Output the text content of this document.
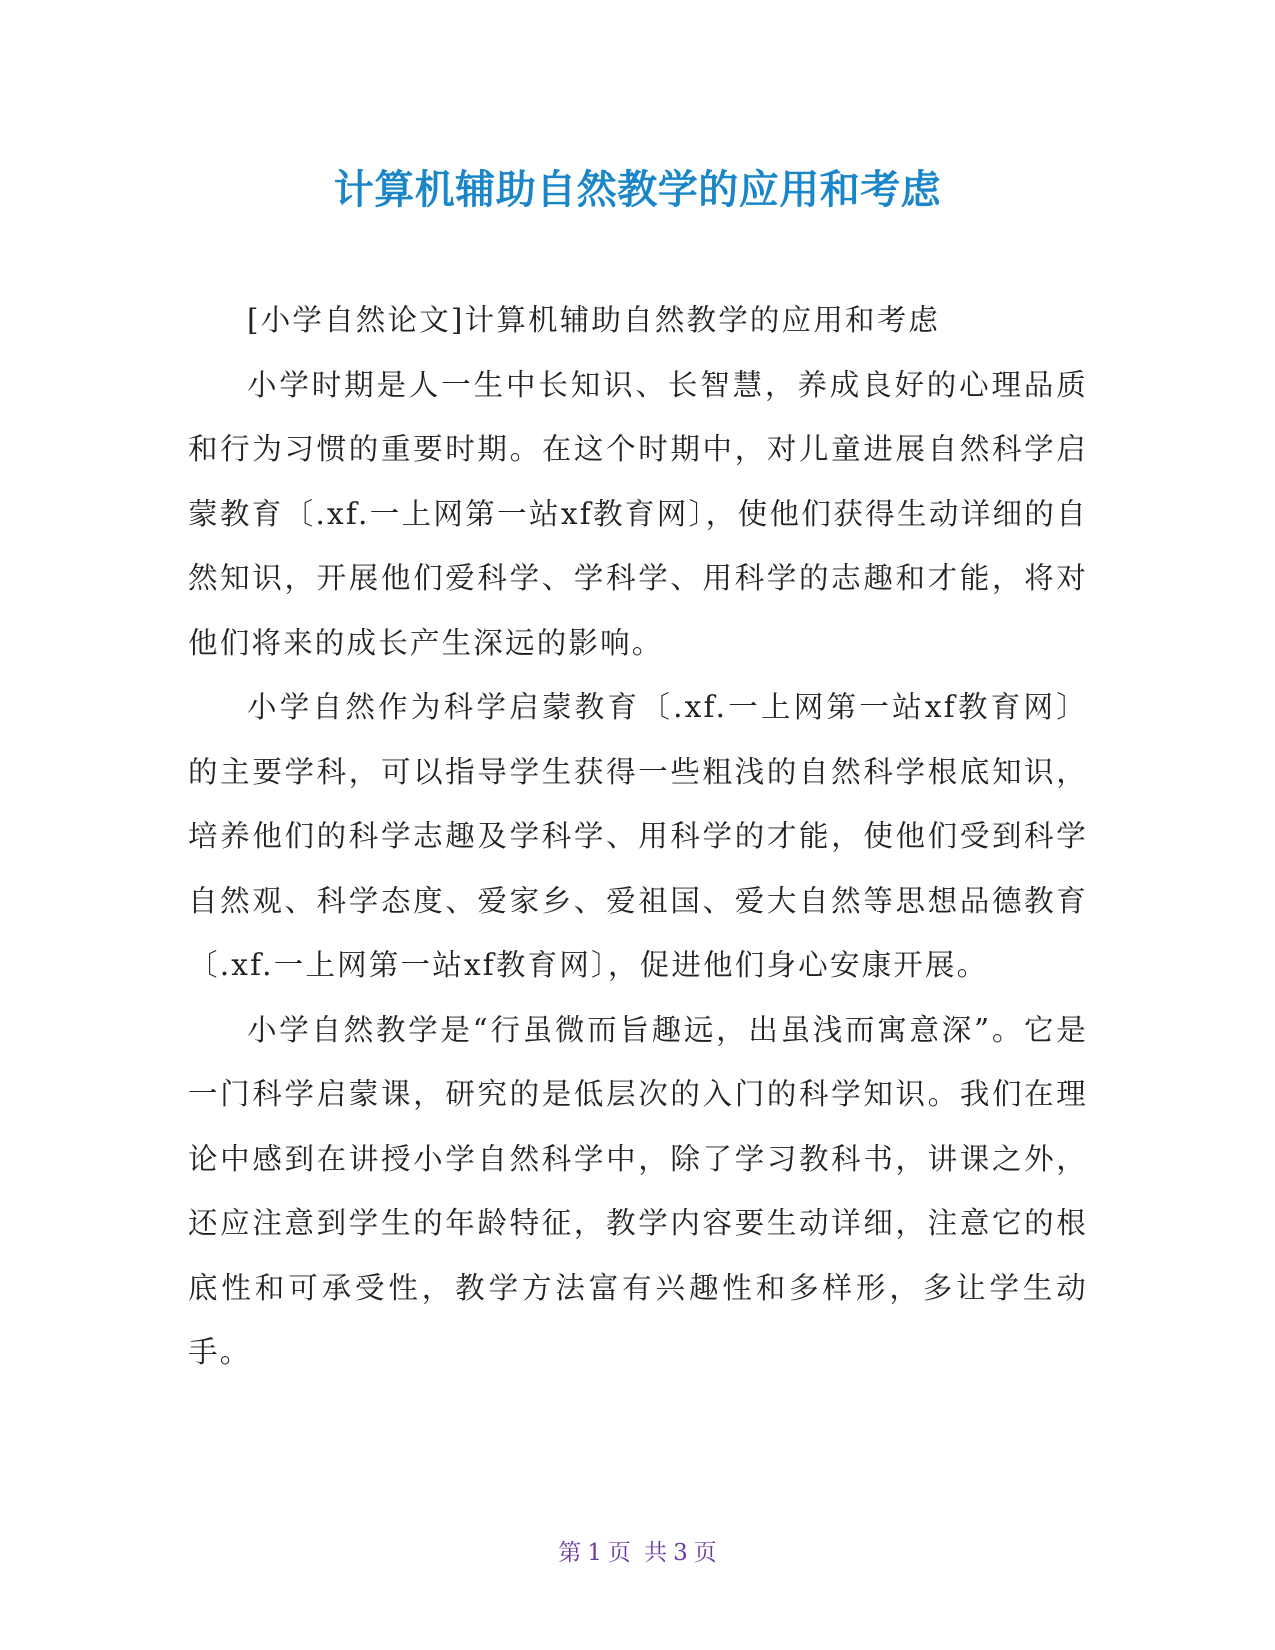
计算机辅助自然教学的应用和考虑

[小学自然论文]计算机辅助自然教学的应用和考虑

小学时期是人一生中长知识、长智慧，养成良好的心理品质和行为习惯的重要时期。在这个时期中，对儿童进展自然科学启蒙教育〔.xf.一上网第一站xf教育网〕，使他们获得生动详细的自然知识，开展他们爱科学、学科学、用科学的志趣和才能，将对他们将来的成长产生深远的影响。

小学自然作为科学启蒙教育〔.xf.一上网第一站xf教育网〕的主要学科，可以指导学生获得一些粗浅的自然科学根底知识，培养他们的科学志趣及学科学、用科学的才能，使他们受到科学自然观、科学态度、爱家乡、爱祖国、爱大自然等思想品德教育〔.xf.一上网第一站xf教育网〕，促进他们身心安康开展。

小学自然教学是“行虽微而旨趣远，出虽浅而寓意深”。它是一门科学启蒙课，研究的是低层次的入门的科学知识。我们在理论中感到在讲授小学自然科学中，除了学习教科书，讲课之外，还应注意到学生的年龄特征，教学内容要生动详细，注意它的根底性和可承受性，教学方法富有兴趣性和多样形，多让学生动手。

第 1 页 共 3 页
